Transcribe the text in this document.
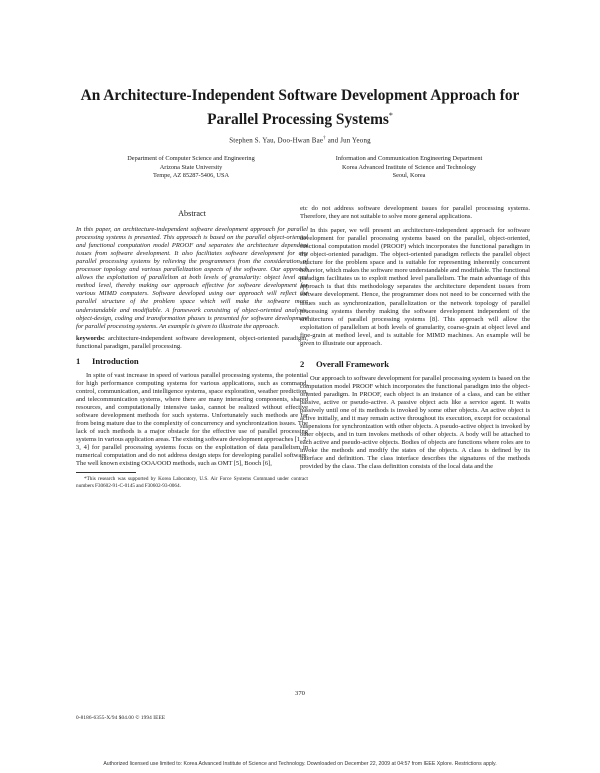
An Architecture-Independent Software Development Approach for
Parallel Processing Systems*
Stephen S. Yau, Doo-Hwan Bae† and Jun Yeong
Department of Computer Science and Engineering
Arizona State University
Tempe, AZ 85287-5406, USA
Information and Communication Engineering Department
Korea Advanced Institute of Science and Technology
Seoul, Korea
Abstract

In this paper, an architecture-independent software development approach for parallel processing systems is presented. This approach is based on the parallel object-oriented and functional computation model PROOF and separates the architecture dependent issues from software development. It also facilitates software development for any parallel processing systems by relieving the programmers from the consideration of processor topology and various parallelization aspects of the software. Our approach allows the exploitation of parallelism at both levels of granularity: object level and method level, thereby making our approach effective for software development for various MIMD computers. Software developed using our approach will reflect the parallel structure of the problem space which will make the software more understandable and modifiable. A framework consisting of object-oriented analysis, object-design, coding and transformation phases is presented for software development for parallel processing systems. An example is given to illustrate the approach.

keywords: architecture-independent software development, object-oriented paradigm, functional paradigm, parallel processing.

1 Introduction

In spite of vast increase in speed of various parallel processing systems, the potential for high performance computing systems for various applications, such as command, control, communication, and intelligence systems, space exploration, weather prediction, and telecommunication systems, where there are many interacting components, shared resources, and computationally intensive tasks, cannot be realized without effective software development methods for such systems. Unfortunately such methods are far from being mature due to the complexity of concurrency and synchronization issues. The lack of such methods is a major obstacle for the effective use of parallel processing systems in various application areas. The existing software development approaches [1, 2, 3, 4] for parallel processing systems focus on the exploitation of data parallelism in numerical computation and do not address design steps for developing parallel software. The well known existing OOA/OOD methods, such as OMT [5], Booch [6],

*This research was supported by Korea Laboratory, U.S. Air Force Systems Command under contract numbers F30602-91-C-0145 and F30602-93-0064.

etc do not address software development issues for parallel processing systems. Therefore, they are not suitable to solve more general applications.

In this paper, we will present an architecture-independent approach for software development for parallel processing systems based on the parallel, object-oriented, functional computation model (PROOF) which incorporates the functional paradigm in the object-oriented paradigm. The object-oriented paradigm reflects the parallel object structure for the problem space and is suitable for representing inherently concurrent behavior, which makes the software more understandable and modifiable. The functional paradigm facilitates us to exploit method level parallelism. The main advantage of this approach is that this methodology separates the architecture dependent issues from software development. Hence, the programmer does not need to be concerned with the issues such as synchronization, parallelization or the network topology of parallel processing systems thereby making the software development independent of the architectures of parallel processing systems [8]. This approach will allow the exploitation of parallelism at both levels of granularity, coarse-grain at object level and fine-grain at method level, and is suitable for MIMD machines. An example will be given to illustrate our approach.

2 Overall Framework

Our approach to software development for parallel processing system is based on the computation model PROOF which incorporates the functional paradigm into the object-oriented paradigm. In PROOF, each object is an instance of a class, and can be either passive, active or pseudo-active. A passive object acts like a service agent. It waits passively until one of its methods is invoked by some other objects. An active object is active initially, and it may remain active throughout its execution, except for occasional suspensions for synchronization with other objects. A pseudo-active object is invoked by other objects, and in turn invokes methods of other objects. A body will be attached to each active and pseudo-active objects. Bodies of objects are functions where roles are to invoke the methods and modify the states of the objects. A class is defined by its interface and definition. The class interface describes the signatures of the methods provided by the class. The class definition consists of the local data and the

370
0-8186-6355-X/94 $04.00 © 1994 IEEE
Authorized licensed use limited to: Korea Advanced Institute of Science and Technology. Downloaded on December 22, 2009 at 04:57 from IEEE Xplore. Restrictions apply.
